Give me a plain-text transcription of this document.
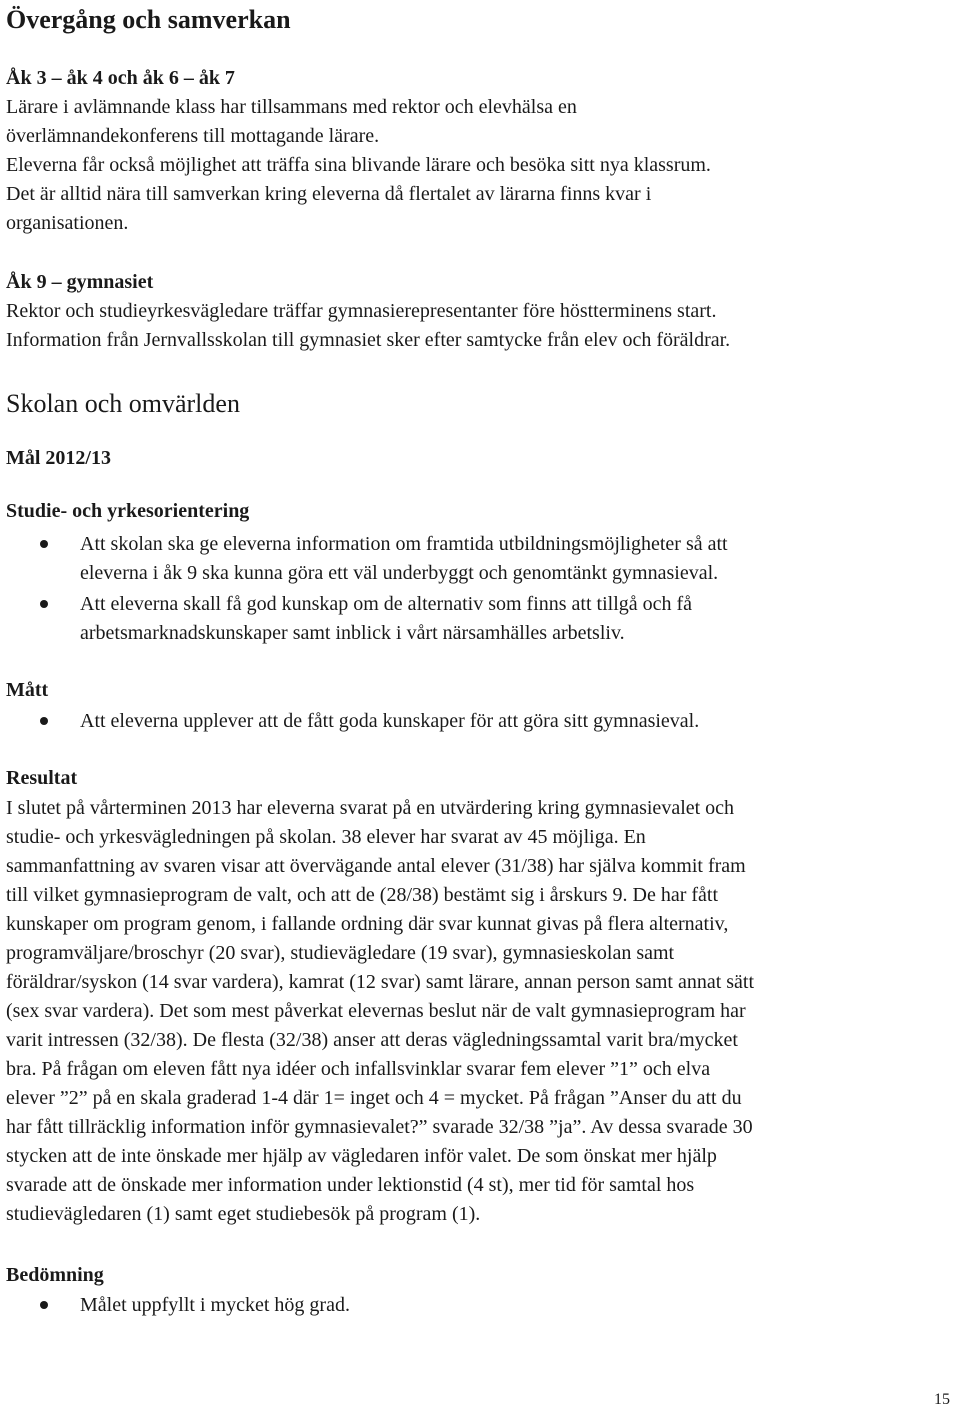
Övergång och samverkan

Åk 3 – åk 4 och åk 6 – åk 7

Lärare i avlämnande klass har tillsammans med rektor och elevhälsa en

överlämnandekonferens till mottagande lärare.

Eleverna får också möjlighet att träffa sina blivande lärare och besöka sitt nya klassrum.

Det är alltid nära till samverkan kring eleverna då flertalet av lärarna finns kvar i

organisationen.

Åk 9 – gymnasiet

Rektor och studieyrkesvägledare träffar gymnasierepresentanter före höstterminens start.

Information från Jernvallsskolan till gymnasiet sker efter samtycke från elev och föräldrar.

Skolan och omvärlden

Mål 2012/13

Studie- och yrkesorientering

Att skolan ska ge eleverna information om framtida utbildningsmöjligheter så att
eleverna i åk 9 ska kunna göra ett väl underbyggt och genomtänkt gymnasieval.
Att eleverna skall få god kunskap om de alternativ som finns att tillgå och få
arbetsmarknadskunskaper samt inblick i vårt närsamhälles arbetsliv.

Mått

Att eleverna upplever att de fått goda kunskaper för att göra sitt gymnasieval.

Resultat

I slutet på vårterminen 2013 har eleverna svarat på en utvärdering kring gymnasievalet och

studie- och yrkesvägledningen på skolan. 38 elever har svarat av 45 möjliga. En

sammanfattning av svaren visar att övervägande antal elever (31/38) har själva kommit fram

till vilket gymnasieprogram de valt, och att de (28/38) bestämt sig i årskurs 9. De har fått

kunskaper om program genom, i fallande ordning där svar kunnat givas på flera alternativ,

programväljare/broschyr (20 svar), studievägledare (19 svar), gymnasieskolan samt

föräldrar/syskon (14 svar vardera), kamrat (12 svar) samt lärare, annan person samt annat sätt

(sex svar vardera). Det som mest påverkat elevernas beslut när de valt gymnasieprogram har

varit intressen (32/38). De flesta (32/38) anser att deras vägledningssamtal varit bra/mycket

bra. På frågan om eleven fått nya idéer och infallsvinklar svarar fem elever ”1” och elva

elever ”2” på en skala graderad 1-4 där 1= inget och 4 = mycket. På frågan ”Anser du att du

har fått tillräcklig information inför gymnasievalet?” svarade 32/38 ”ja”. Av dessa svarade 30

stycken att de inte önskade mer hjälp av vägledaren inför valet. De som önskat mer hjälp

svarade att de önskade mer information under lektionstid (4 st), mer tid för samtal hos

studievägledaren (1) samt eget studiebesök på program (1).

Bedömning

Målet uppfyllt i mycket hög grad.
15
